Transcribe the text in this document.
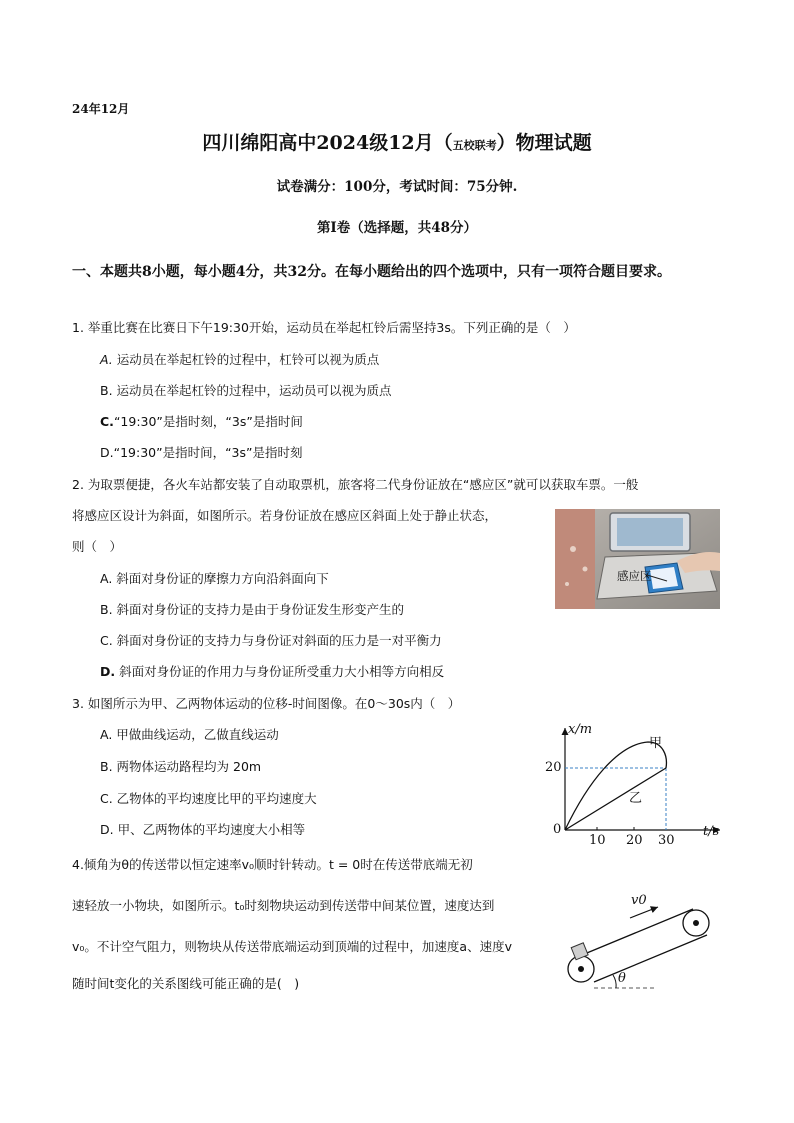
24年12月
四川绵阳高中2024级12月（五校联考）物理试题
试卷满分：100分，考试时间：75分钟.
第Ⅰ卷（选择题，共48分）
一、本题共8小题，每小题4分，共32分。在每小题给出的四个选项中，只有一项符合题目要求。
1. 举重比赛在比赛日下午19:30开始，运动员在举起杠铃后需坚持3s。下列正确的是（　）
A. 运动员在举起杠铃的过程中，杠铃可以视为质点
B. 运动员在举起杠铃的过程中，运动员可以视为质点
C.“19:30”是指时刻，“3s”是指时间
D.“19:30”是指时间，“3s”是指时刻
2. 为取票便捷，各火车站都安装了自动取票机，旅客将二代身份证放在“感应区”就可以获取车票。一般
将感应区设计为斜面，如图所示。若身份证放在感应区斜面上处于静止状态，
则（　）
A. 斜面对身份证的摩擦力方向沿斜面向下
B. 斜面对身份证的支持力是由于身份证发生形变产生的
C. 斜面对身份证的支持力与身份证对斜面的压力是一对平衡力
D. 斜面对身份证的作用力与身份证所受重力大小相等方向相反
感应区
3. 如图所示为甲、乙两物体运动的位移-时间图像。在0～30s内（　）
A. 甲做曲线运动，乙做直线运动
B. 两物体运动路程均为 20m
C. 乙物体的平均速度比甲的平均速度大
D. 甲、乙两物体的平均速度大小相等
x/m
t/s
0
20
10 20 30
甲
乙
4.倾角为θ的传送带以恒定速率v₀顺时针转动。t = 0时在传送带底端无初
速轻放一小物块，如图所示。t₀时刻物块运动到传送带中间某位置，速度达到
v₀。不计空气阻力，则物块从传送带底端运动到顶端的过程中，加速度a、速度v
随时间t变化的关系图线可能正确的是(　)
v0
θ
